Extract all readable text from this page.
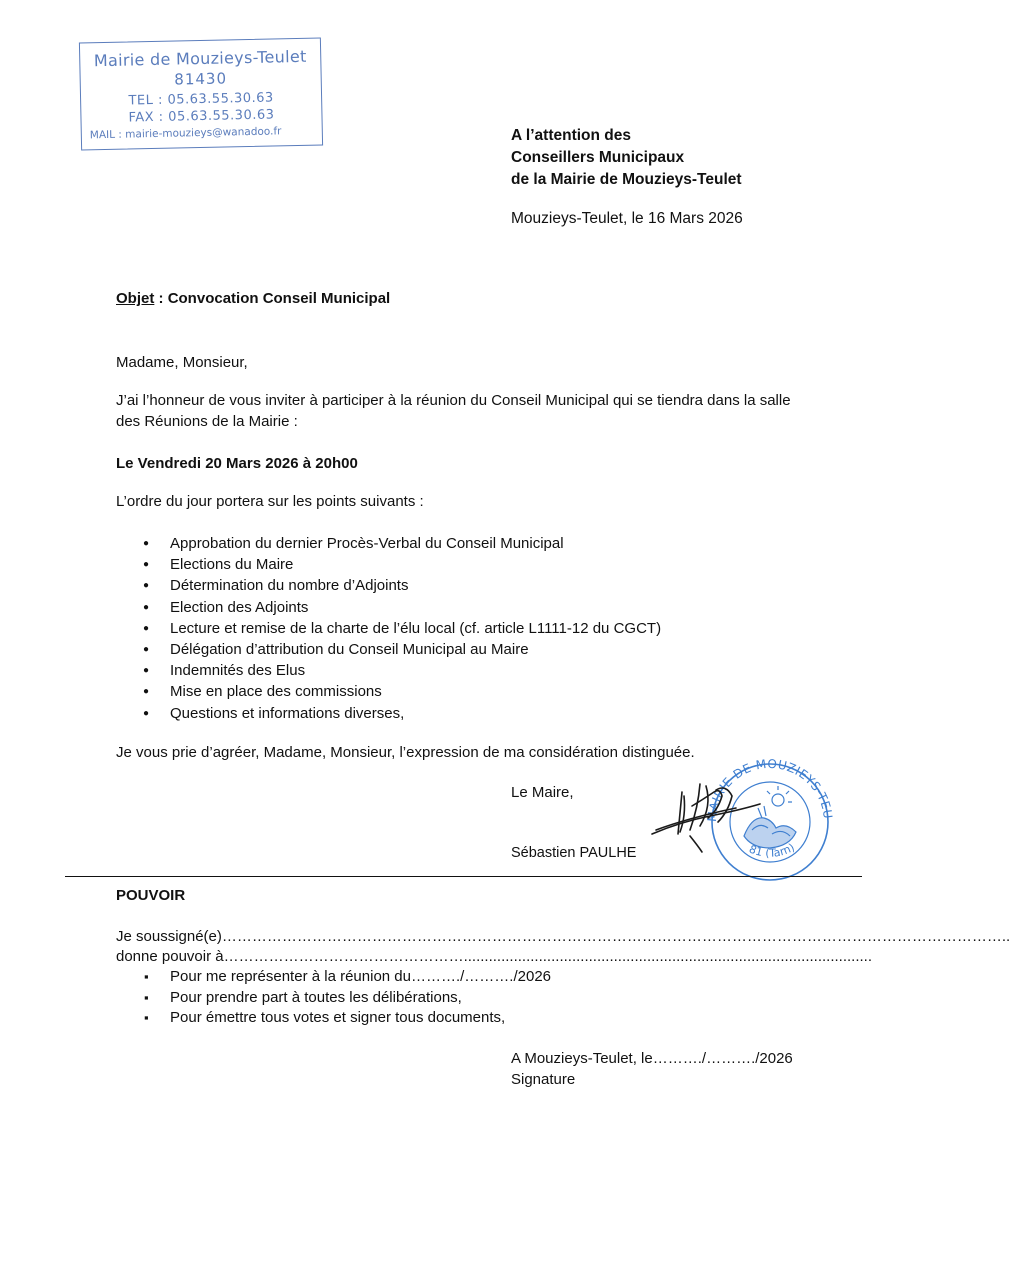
Mairie de Mouzieys-Teulet
81430
TEL : 05.63.55.30.63
FAX : 05.63.55.30.63
MAIL : mairie-mouzieys@wanadoo.fr	A l’attention des
Conseillers Municipaux
de la Mairie de Mouzieys-Teulet
Mouzieys-Teulet, le 16 Mars 2026
Objet : Convocation Conseil Municipal
Madame, Monsieur,
J’ai l’honneur de vous inviter à participer à la réunion du Conseil Municipal qui se tiendra dans la salle des Réunions de la Mairie :
Le Vendredi 20 Mars 2026 à 20h00
L’ordre du jour portera sur les points suivants :
● Approbation du dernier Procès-Verbal du Conseil Municipal
● Elections du Maire
● Détermination du nombre d’Adjoints
● Election des Adjoints
● Lecture et remise de la charte de l’élu local (cf. article L1111-12 du CGCT)
● Délégation d’attribution du Conseil Municipal au Maire
● Indemnités des Elus
● Mise en place des commissions
● Questions et informations diverses,
Je vous prie d’agréer, Madame, Monsieur, l’expression de ma considération distinguée.
Le Maire,
Sébastien PAULHE
MAIRIE DE MOUZIEYS-TEU
81 (Tarn)
POUVOIR
Je soussigné(e)…………………………………………………………………………………………………………………………………………..
donne pouvoir à…………………………………………..................................................................................................
▪ Pour me représenter à la réunion du………./………./2026
▪ Pour prendre part à toutes les délibérations,
▪ Pour émettre tous votes et signer tous documents,
A Mouzieys-Teulet, le………./………./2026
Signature
